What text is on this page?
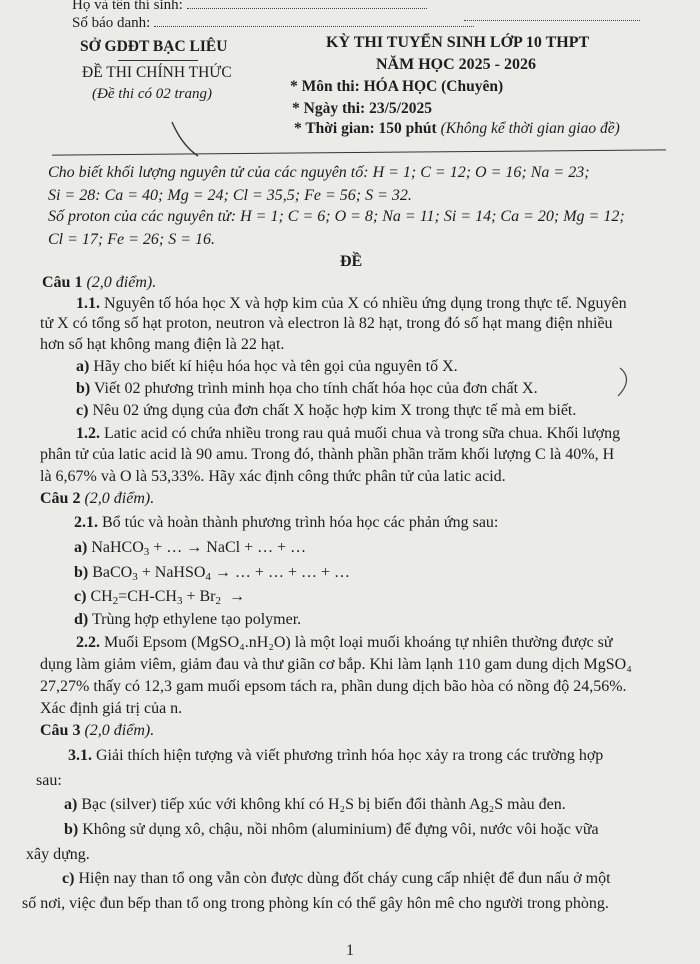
Họ và tên thí sinh:
Số báo danh:
SỞ GDĐT BẠC LIÊU
ĐỀ THI CHÍNH THỨC
(Đề thi có 02 trang)
KỲ THI TUYỂN SINH LỚP 10 THPT
NĂM HỌC 2025 - 2026
* Môn thi: HÓA HỌC (Chuyên)
* Ngày thi: 23/5/2025
* Thời gian: 150 phút (Không kể thời gian giao đề)
Cho biết khối lượng nguyên tử của các nguyên tố: H = 1; C = 12; O = 16; Na = 23;
Si = 28: Ca = 40; Mg = 24; Cl = 35,5; Fe = 56; S = 32.
Số proton của các nguyên tử: H = 1; C = 6; O = 8; Na = 11; Si = 14; Ca = 20; Mg = 12;
Cl = 17; Fe = 26; S = 16.
ĐỀ
Câu 1 (2,0 điểm).
1.1. Nguyên tố hóa học X và hợp kim của X có nhiều ứng dụng trong thực tế. Nguyên
tử X có tổng số hạt proton, neutron và electron là 82 hạt, trong đó số hạt mang điện nhiều
hơn số hạt không mang điện là 22 hạt.
a) Hãy cho biết kí hiệu hóa học và tên gọi của nguyên tố X.
b) Viết 02 phương trình minh họa cho tính chất hóa học của đơn chất X.
c) Nêu 02 ứng dụng của đơn chất X hoặc hợp kim X trong thực tế mà em biết.
1.2. Latic acid có chứa nhiều trong rau quả muối chua và trong sữa chua. Khối lượng
phân tử của latic acid là 90 amu. Trong đó, thành phần phần trăm khối lượng C là 40%, H
là 6,67% và O là 53,33%. Hãy xác định công thức phân tử của latic acid.
Câu 2 (2,0 điểm).
2.1. Bổ túc và hoàn thành phương trình hóa học các phản ứng sau:
a) NaHCO$_3$ + … → NaCl + … + …
b) BaCO$_3$ + NaHSO$_4$ → … + … + … + …
c) $CH_2=CH-CH_3 + Br_2$  →
d) Trùng hợp ethylene tạo polymer.
2.2. Muối Epsom (MgSO₄.nH₂O) là một loại muối khoáng tự nhiên thường được sử
dụng làm giảm viêm, giảm đau và thư giãn cơ bắp. Khi làm lạnh 110 gam dung dịch MgSO₄
27,27% thấy có 12,3 gam muối epsom tách ra, phần dung dịch bão hòa có nồng độ 24,56%.
Xác định giá trị của n.
Câu 3 (2,0 điểm).
3.1. Giải thích hiện tượng và viết phương trình hóa học xảy ra trong các trường hợp
sau:
a) Bạc (silver) tiếp xúc với không khí có H₂S bị biến đổi thành Ag₂S màu đen.
b) Không sử dụng xô, chậu, nồi nhôm (aluminium) để đựng vôi, nước vôi hoặc vữa
xây dựng.
c) Hiện nay than tổ ong vẫn còn được dùng đốt cháy cung cấp nhiệt để đun nấu ở một
số nơi, việc đun bếp than tổ ong trong phòng kín có thể gây hôn mê cho người trong phòng.
1
